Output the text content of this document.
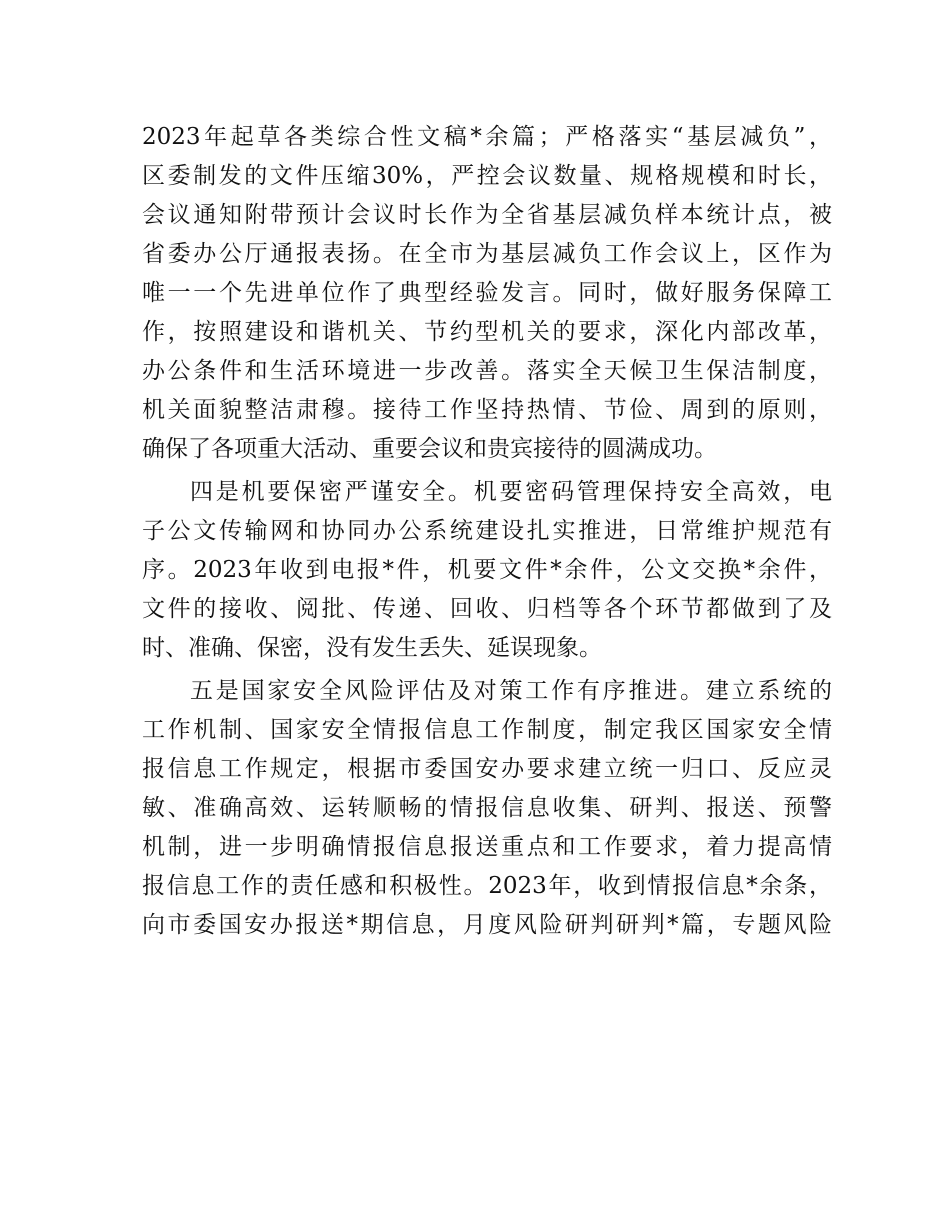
2023年起草各类综合性文稿*余篇；严格落实“基层减负”，
区委制发的文件压缩30%，严控会议数量、规格规模和时长，
会议通知附带预计会议时长作为全省基层减负样本统计点，被
省委办公厅通报表扬。在全市为基层减负工作会议上，区作为
唯一一个先进单位作了典型经验发言。同时，做好服务保障工
作，按照建设和谐机关、节约型机关的要求，深化内部改革，
办公条件和生活环境进一步改善。落实全天候卫生保洁制度，
机关面貌整洁肃穆。接待工作坚持热情、节俭、周到的原则，
确保了各项重大活动、重要会议和贵宾接待的圆满成功。
四是机要保密严谨安全。机要密码管理保持安全高效，电
子公文传输网和协同办公系统建设扎实推进，日常维护规范有
序。2023年收到电报*件，机要文件*余件，公文交换*余件，
文件的接收、阅批、传递、回收、归档等各个环节都做到了及
时、准确、保密，没有发生丢失、延误现象。
五是国家安全风险评估及对策工作有序推进。建立系统的
工作机制、国家安全情报信息工作制度，制定我区国家安全情
报信息工作规定，根据市委国安办要求建立统一归口、反应灵
敏、准确高效、运转顺畅的情报信息收集、研判、报送、预警
机制，进一步明确情报信息报送重点和工作要求，着力提高情
报信息工作的责任感和积极性。2023年，收到情报信息*余条，
向市委国安办报送*期信息，月度风险研判研判*篇，专题风险
